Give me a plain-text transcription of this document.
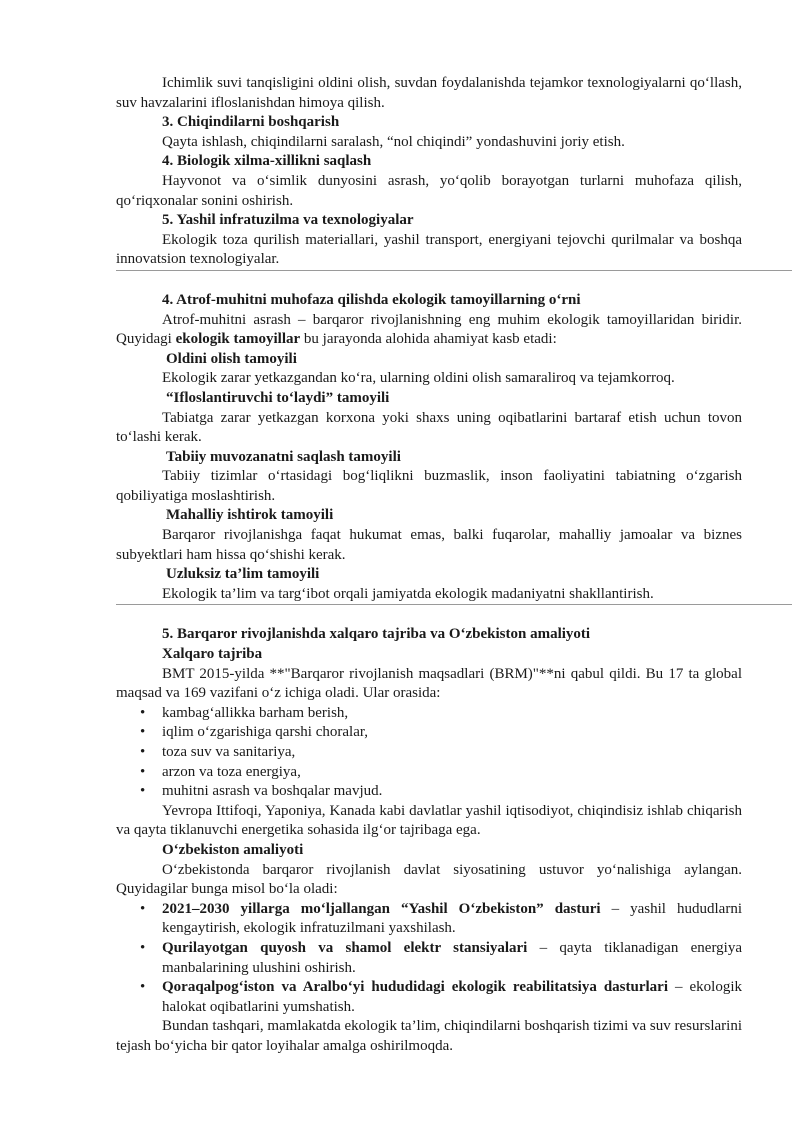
Ichimlik suvi tanqisligini oldini olish, suvdan foydalanishda tejamkor texnologiyalarni qo‘llash, suv havzalarini ifloslanishdan himoya qilish.

3. Chiqindilarni boshqarish

Qayta ishlash, chiqindilarni saralash, “nol chiqindi” yondashuvini joriy etish.

4. Biologik xilma-xillikni saqlash

Hayvonot va o‘simlik dunyosini asrash, yo‘qolib borayotgan turlarni muhofaza qilish, qo‘riqxonalar sonini oshirish.

5. Yashil infratuzilma va texnologiyalar

Ekologik toza qurilish materiallari, yashil transport, energiyani tejovchi qurilmalar va boshqa innovatsion texnologiyalar.

4. Atrof-muhitni muhofaza qilishda ekologik tamoyillarning o‘rni

Atrof-muhitni asrash – barqaror rivojlanishning eng muhim ekologik tamoyillaridan biridir. Quyidagi ekologik tamoyillar bu jarayonda alohida ahamiyat kasb etadi:

Oldini olish tamoyili

Ekologik zarar yetkazgandan ko‘ra, ularning oldini olish samaraliroq va tejamkorroq.

“Ifloslantiruvchi to‘laydi” tamoyili

Tabiatga zarar yetkazgan korxona yoki shaxs uning oqibatlarini bartaraf etish uchun tovon to‘lashi kerak.

Tabiiy muvozanatni saqlash tamoyili

Tabiiy tizimlar o‘rtasidagi bog‘liqlikni buzmaslik, inson faoliyatini tabiatning o‘zgarish qobiliyatiga moslashtirish.

Mahalliy ishtirok tamoyili

Barqaror rivojlanishga faqat hukumat emas, balki fuqarolar, mahalliy jamoalar va biznes subyektlari ham hissa qo‘shishi kerak.

Uzluksiz ta’lim tamoyili

Ekologik ta’lim va targ‘ibot orqali jamiyatda ekologik madaniyatni shakllantirish.

5. Barqaror rivojlanishda xalqaro tajriba va O‘zbekiston amaliyoti

Xalqaro tajriba

BMT 2015-yilda **"Barqaror rivojlanish maqsadlari (BRM)"**ni qabul qildi. Bu 17 ta global maqsad va 169 vazifani o‘z ichiga oladi. Ular orasida:

• kambag‘allikka barham berish,
• iqlim o‘zgarishiga qarshi choralar,
• toza suv va sanitariya,
• arzon va toza energiya,
• muhitni asrash va boshqalar mavjud.

Yevropa Ittifoqi, Yaponiya, Kanada kabi davlatlar yashil iqtisodiyot, chiqindisiz ishlab chiqarish va qayta tiklanuvchi energetika sohasida ilg‘or tajribaga ega.

O‘zbekiston amaliyoti

O‘zbekistonda barqaror rivojlanish davlat siyosatining ustuvor yo‘nalishiga aylangan. Quyidagilar bunga misol bo‘la oladi:

• 2021–2030 yillarga mo‘ljallangan “Yashil O‘zbekiston” dasturi – yashil hududlarni kengaytirish, ekologik infratuzilmani yaxshilash.
• Qurilayotgan quyosh va shamol elektr stansiyalari – qayta tiklanadigan energiya manbalarining ulushini oshirish.
• Qoraqalpog‘iston va Aralbo‘yi hududidagi ekologik reabilitatsiya dasturlari – ekologik halokat oqibatlarini yumshatish.

Bundan tashqari, mamlakatda ekologik ta’lim, chiqindilarni boshqarish tizimi va suv resurslarini tejash bo‘yicha bir qator loyihalar amalga oshirilmoqda.
